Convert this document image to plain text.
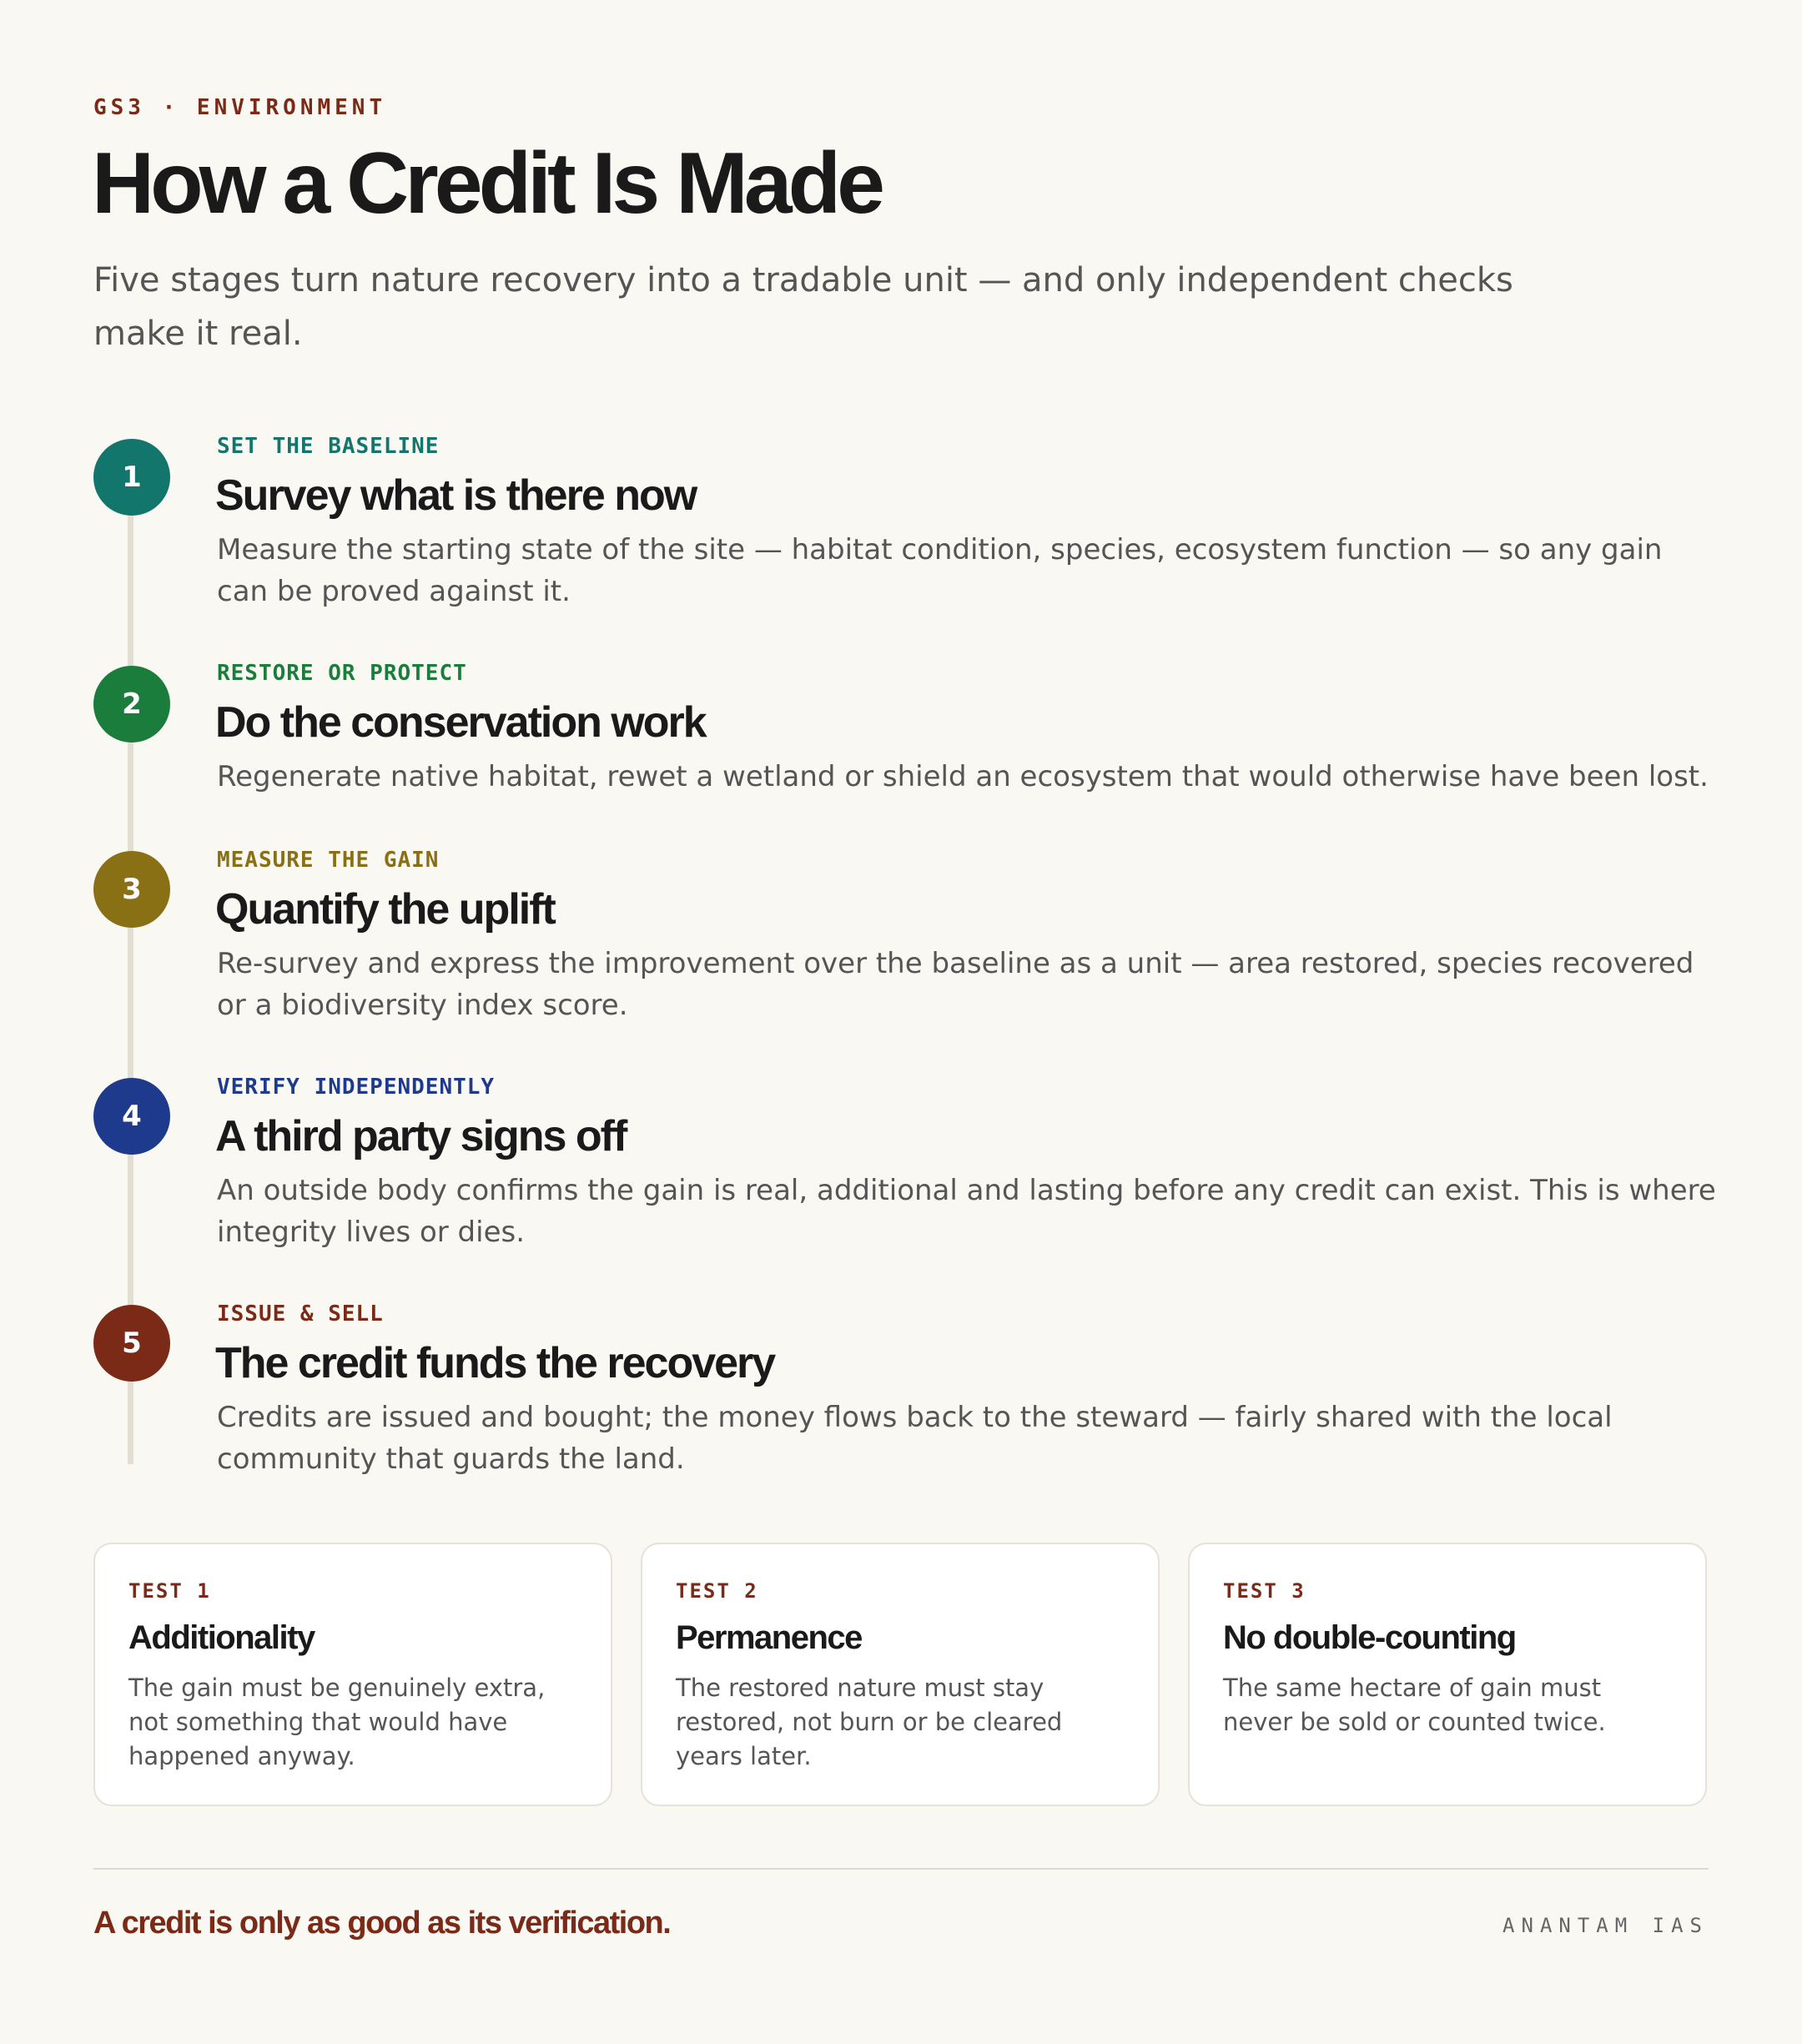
GS3 · ENVIRONMENT
How a Credit Is Made

Five stages turn nature recovery into a tradable unit — and only independent checks make it real.

1
SET THE BASELINE
Survey what is there now

Measure the starting state of the site — habitat condition, species, ecosystem function — so any gain can be proved against it.

2
RESTORE OR PROTECT
Do the conservation work

Regenerate native habitat, rewet a wetland or shield an ecosystem that would otherwise have been lost.

3
MEASURE THE GAIN
Quantify the uplift

Re-survey and express the improvement over the baseline as a unit — area restored, species recovered or a biodiversity index score.

4
VERIFY INDEPENDENTLY
A third party signs off

An outside body confirms the gain is real, additional and lasting before any credit can exist. This is where integrity lives or dies.

5
ISSUE & SELL
The credit funds the recovery

Credits are issued and bought; the money flows back to the steward — fairly shared with the local community that guards the land.

TEST 1
Additionality

The gain must be genuinely extra, not something that would have happened anyway.

TEST 2
Permanence

The restored nature must stay restored, not burn or be cleared years later.

TEST 3
No double-counting

The same hectare of gain must never be sold or counted twice.

A credit is only as good as its verification.	ANANTAM IAS
